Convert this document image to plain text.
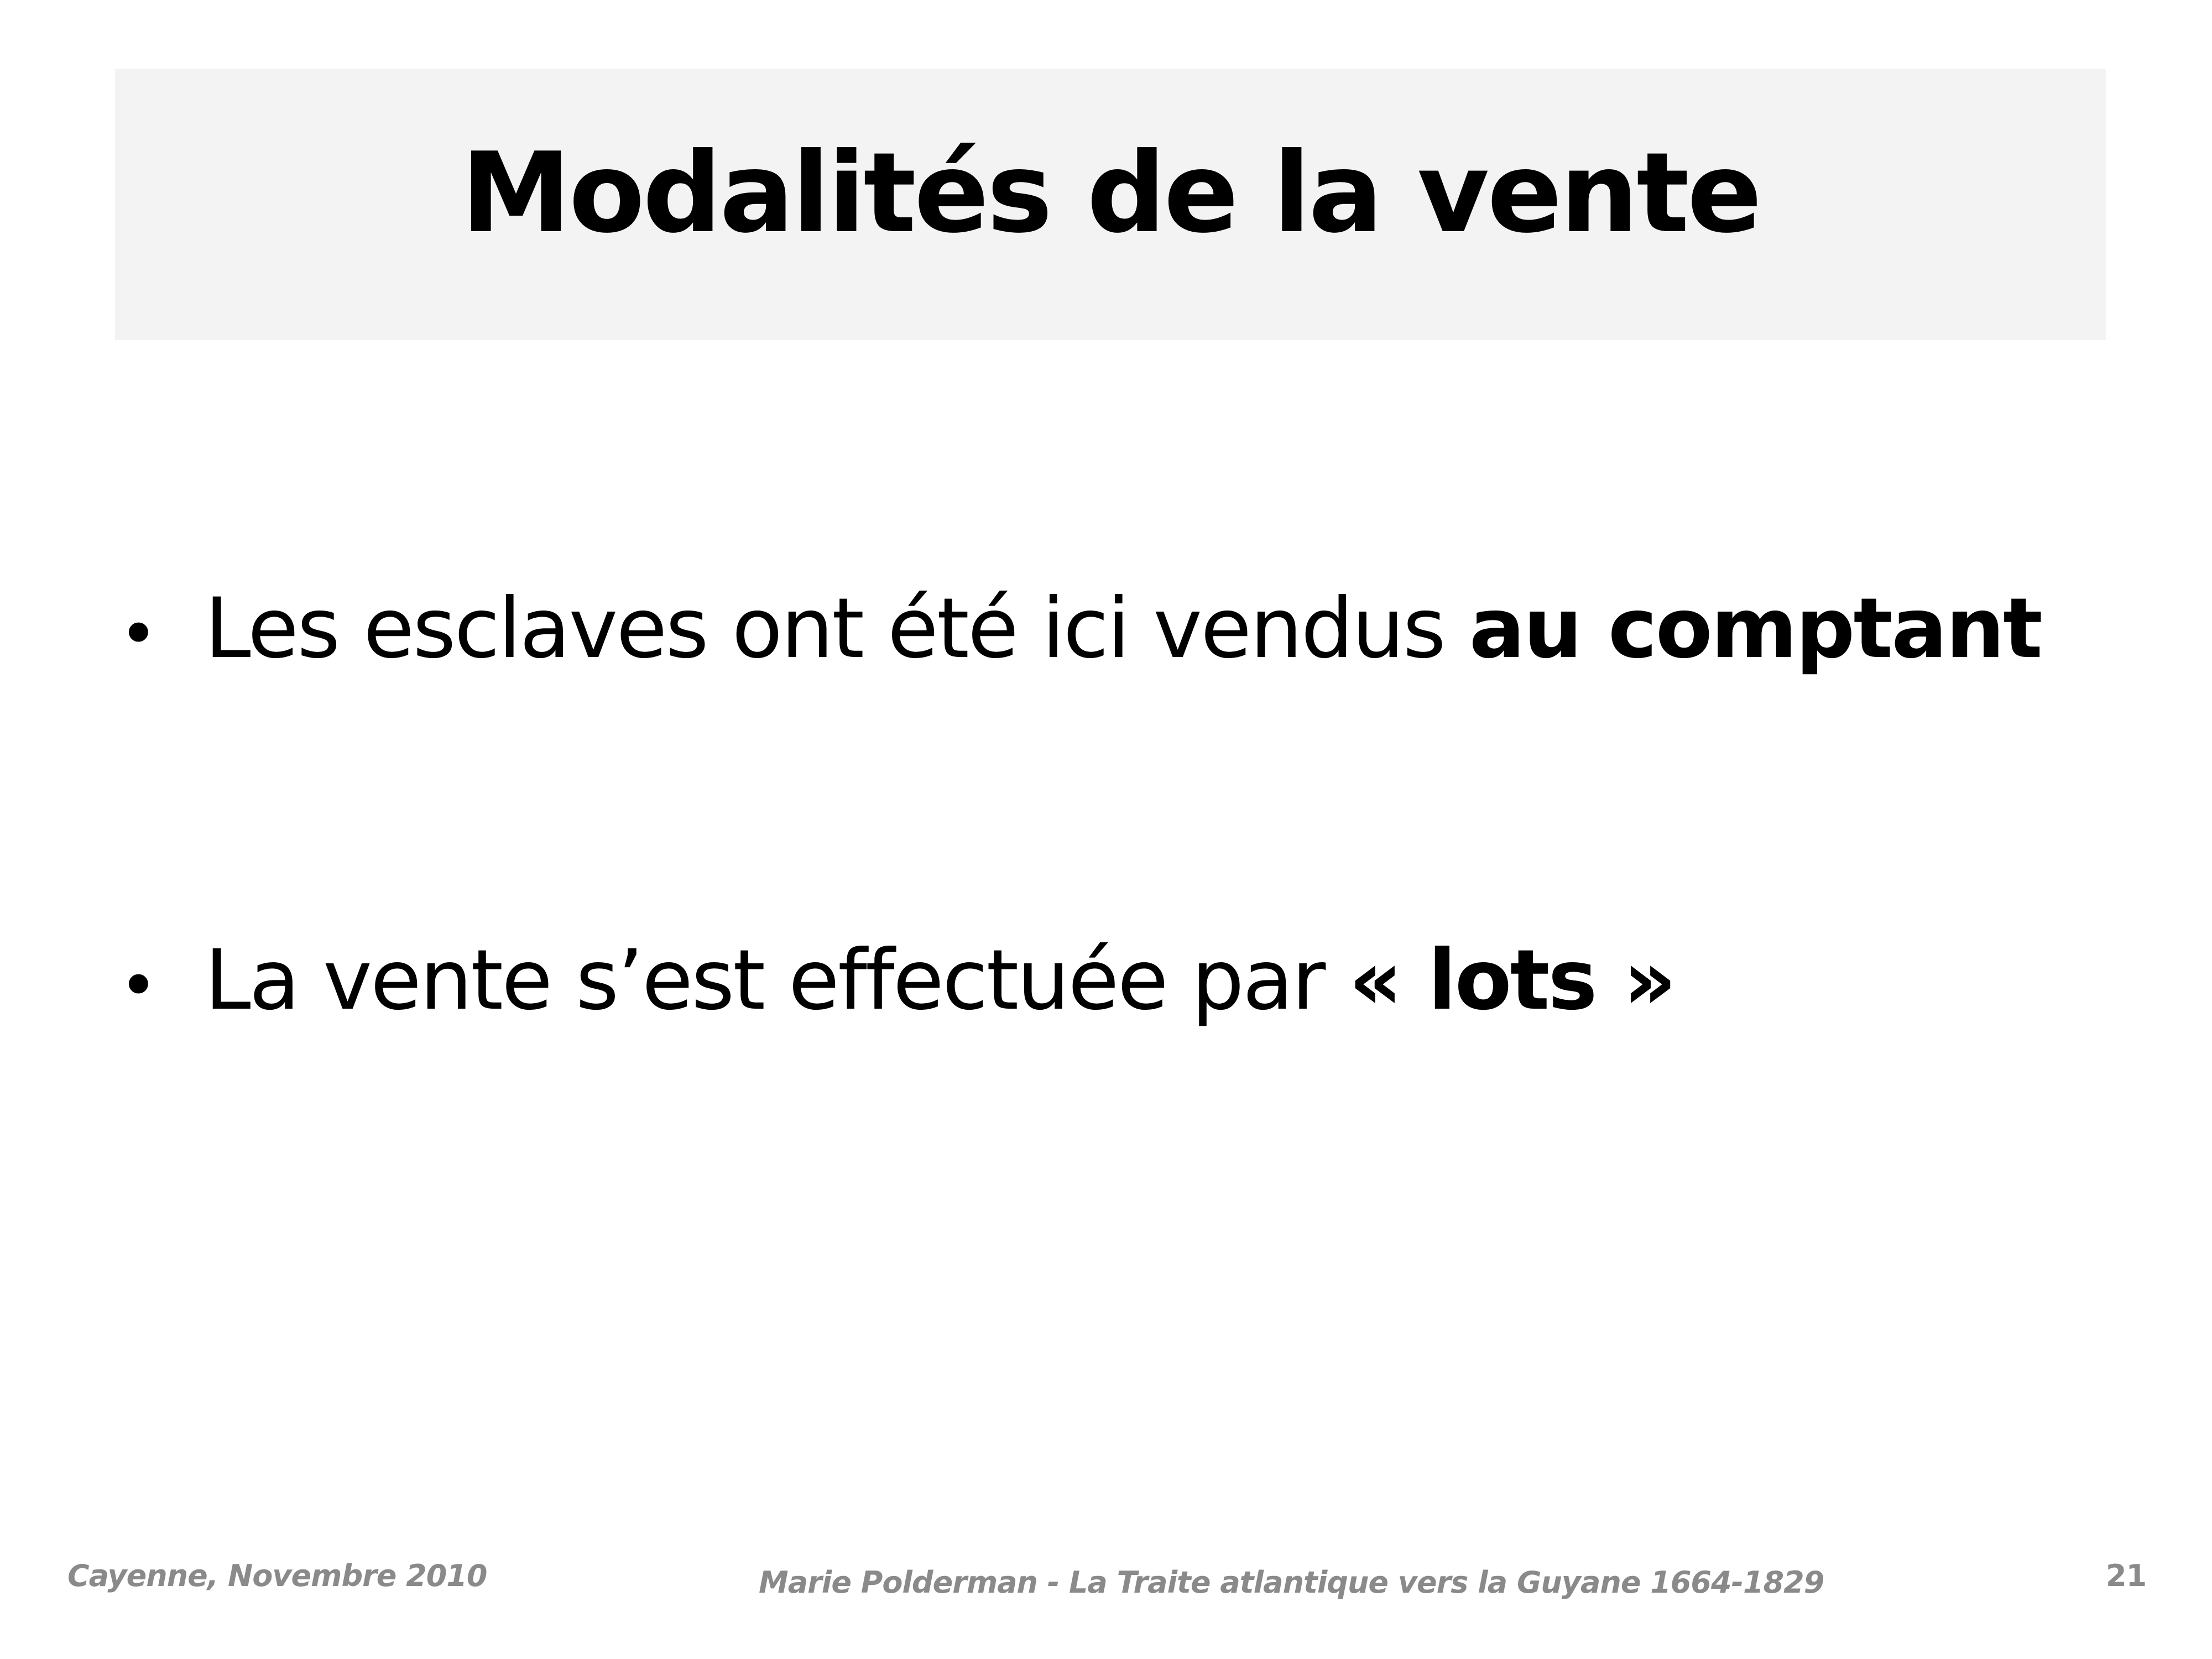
Modalités de la vente
• Les esclaves ont été ici vendus au comptant
• La vente s’est effectuée par « lots »
Cayenne, Novembre 2010	Marie Polderman - La Traite atlantique vers la Guyane 1664-1829	21
